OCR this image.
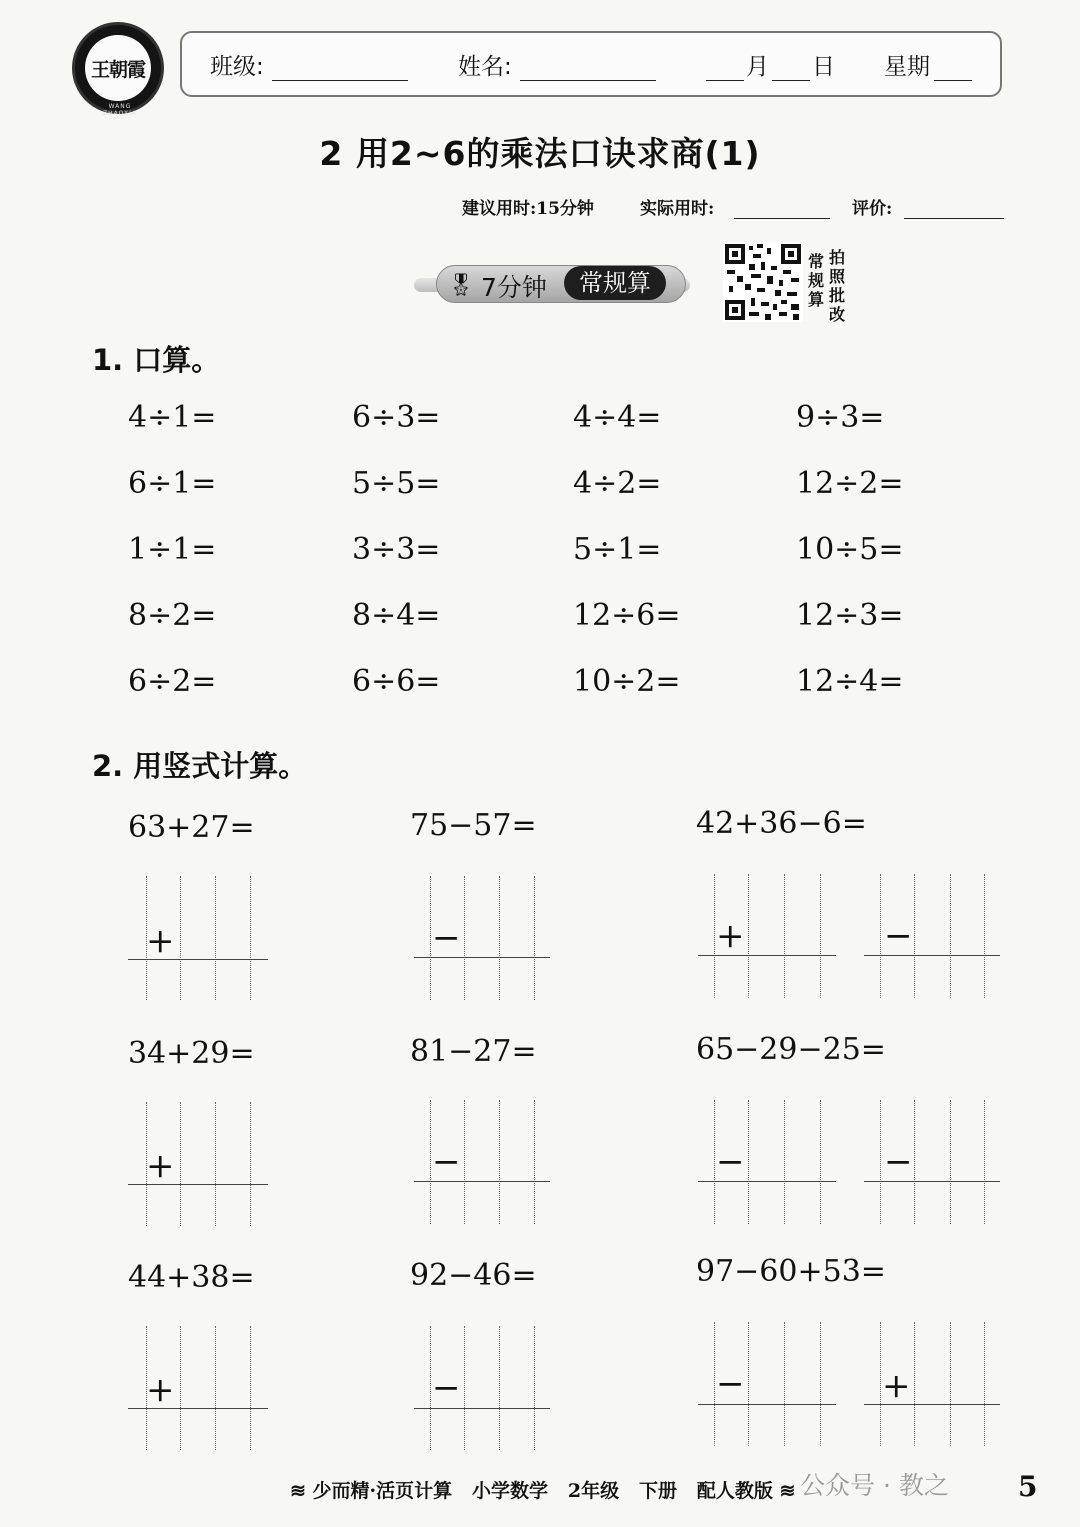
王朝霞
WANG ZHAOXIA
班级:	姓名:	月 日 星期
2 用2~6的乘法口诀求商(1)
建议用时:15分钟	实际用时:	评价:
🎖 7分钟	常规算
拍照批改
常规算
1. 口算。
4÷1=	6÷3=	4÷4=	9÷3=
6÷1=	5÷5=	4÷2=	12÷2=
1÷1=	3÷3=	5÷1=	10÷5=
8÷2=	8÷4=	12÷6=	12÷3=
6÷2=	6÷6=	10÷2=	12÷4=
2. 用竖式计算。
63+27=	75−57=	42+36−6=
+	−	+	−
34+29=	81−27=	65−29−25=
+	−	−	−
44+38=	92−46=	97−60+53=
+	−	−	+
≋ 少而精·活页计算 小学数学 2年级 下册 配人教版 ≋ 公众号 · 教之 5
